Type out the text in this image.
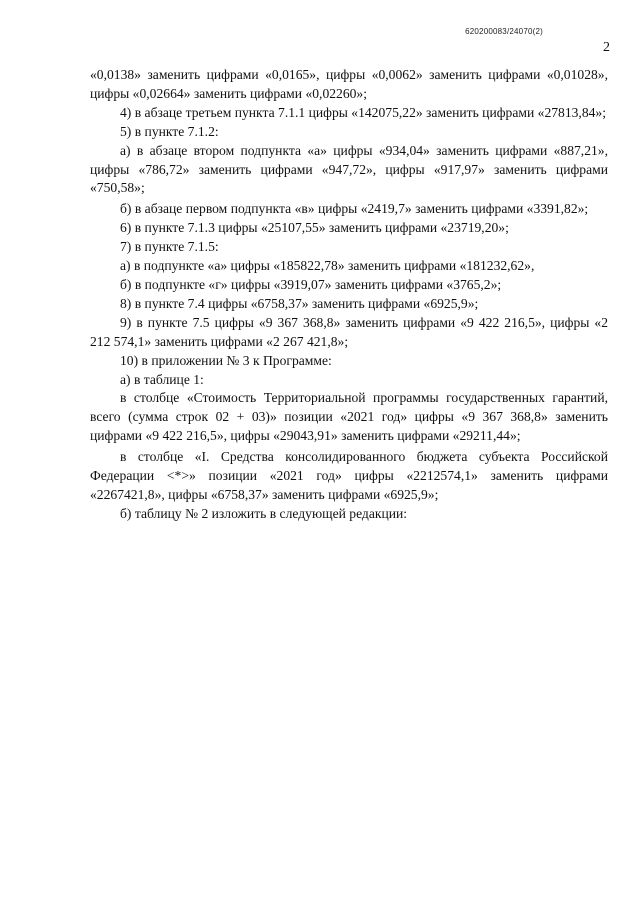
620200083/24070(2)
2

«0,0138» заменить цифрами «0,0165», цифры «0,0062» заменить цифрами «0,01028», цифры «0,02664» заменить цифрами «0,02260»;

4) в абзаце третьем пункта 7.1.1 цифры «142075,22» заменить цифрами «27813,84»;

5) в пункте 7.1.2:

а) в абзаце втором подпункта «а» цифры «934,04» заменить цифрами «887,21», цифры «786,72» заменить цифрами «947,72», цифры «917,97» заменить цифрами «750,58»;

б) в абзаце первом подпункта «в» цифры «2419,7» заменить цифрами «3391,82»;

6) в пункте 7.1.3 цифры «25107,55» заменить цифрами «23719,20»;

7) в пункте 7.1.5:

а) в подпункте «а» цифры «185822,78» заменить цифрами «181232,62»,

б) в подпункте «г» цифры «3919,07» заменить цифрами «3765,2»;

8) в пункте 7.4 цифры «6758,37» заменить цифрами «6925,9»;

9) в пункте 7.5 цифры «9 367 368,8» заменить цифрами «9 422 216,5», цифры «2 212 574,1» заменить цифрами «2 267 421,8»;

10) в приложении № 3 к Программе:

а) в таблице 1:

в столбце «Стоимость Территориальной программы государственных гарантий, всего (сумма строк 02 + 03)» позиции «2021 год» цифры «9 367 368,8» заменить цифрами «9 422 216,5», цифры «29043,91» заменить цифрами «29211,44»;

в столбце «I. Средства консолидированного бюджета субъекта Российской Федерации <*>» позиции «2021 год» цифры «2212574,1» заменить цифрами «2267421,8», цифры «6758,37» заменить цифрами «6925,9»;

б) таблицу № 2 изложить в следующей редакции:
